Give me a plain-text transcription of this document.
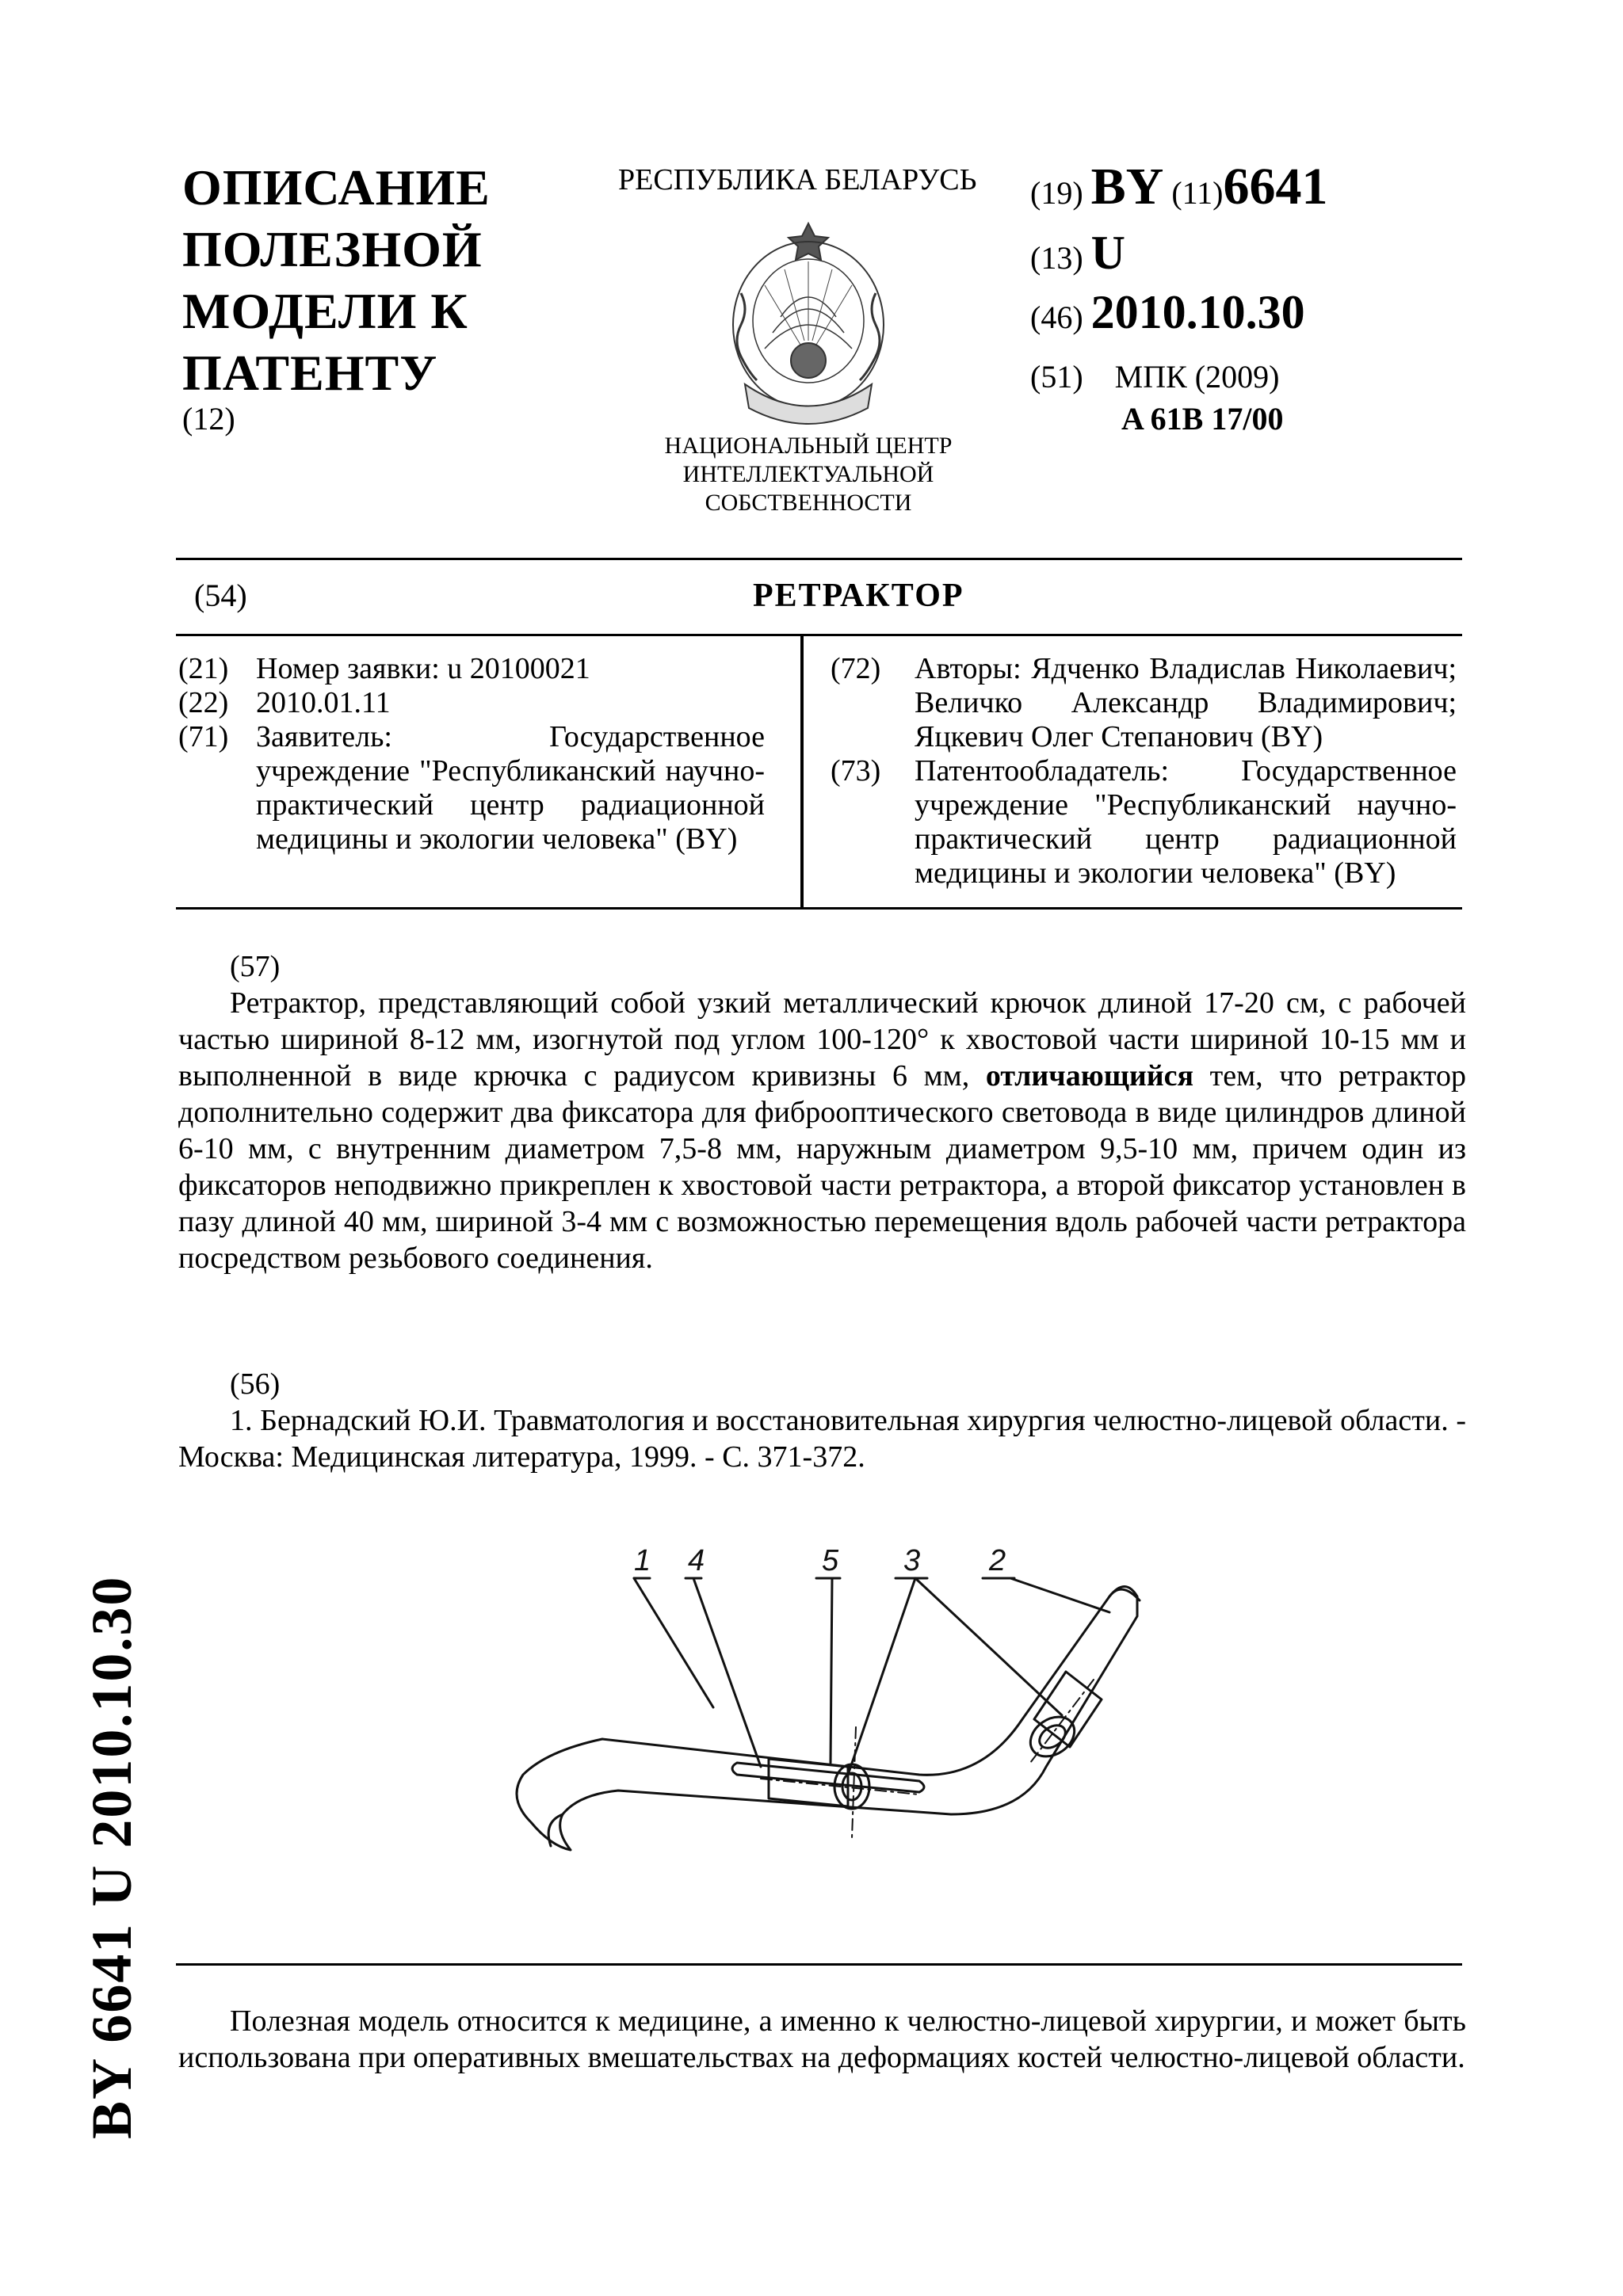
ОПИСАНИЕ
ПОЛЕЗНОЙ
МОДЕЛИ К
ПАТЕНТУ
(12)
РЕСПУБЛИКА БЕЛАРУСЬ
НАЦИОНАЛЬНЫЙ ЦЕНТР
ИНТЕЛЛЕКТУАЛЬНОЙ
СОБСТВЕННОСТИ
(19) BY (11)6641
(13) U
(46) 2010.10.30
(51) МПК (2009)
A 61B 17/00
(54)	РЕТРАКТОР
(21) Номер заявки: u 20100021
(22) 2010.01.11
(71) Заявитель: Государственное учреждение "Республиканский научно-практический центр радиационной медицины и экологии человека" (BY)
(72)	Авторы: Ядченко Владислав Николаевич; Величко Александр Владимирович; Яцкевич Олег Степанович (BY)
(73)	Патентообладатель: Государственное учреждение "Республиканский научно-практический центр радиационной медицины и экологии человека" (BY)
(57)
Ретрактор, представляющий собой узкий металлический крючок длиной 17-20 см, с рабочей частью шириной 8-12 мм, изогнутой под углом 100-120° к хвостовой части шириной 10-15 мм и выполненной в виде крючка с радиусом кривизны 6 мм, отличающийся тем, что ретрактор дополнительно содержит два фиксатора для фиброоптического световода в виде цилиндров длиной 6-10 мм, с внутренним диаметром 7,5-8 мм, наружным диаметром 9,5-10 мм, причем один из фиксаторов неподвижно прикреплен к хвостовой части ретрактора, а второй фиксатор установлен в пазу длиной 40 мм, шириной 3-4 мм с возможностью перемещения вдоль рабочей части ретрактора посредством резьбового соединения.
(56)
1. Бернадский Ю.И. Травматология и восстановительная хирургия челюстно-лицевой области. - Москва: Медицинская литература, 1999. - С. 371-372.
1 4	5 3 2
Полезная модель относится к медицине, а именно к челюстно-лицевой хирургии, и может быть использована при оперативных вмешательствах на деформациях костей челюстно-лицевой области.
BY 6641 U 2010.10.30
